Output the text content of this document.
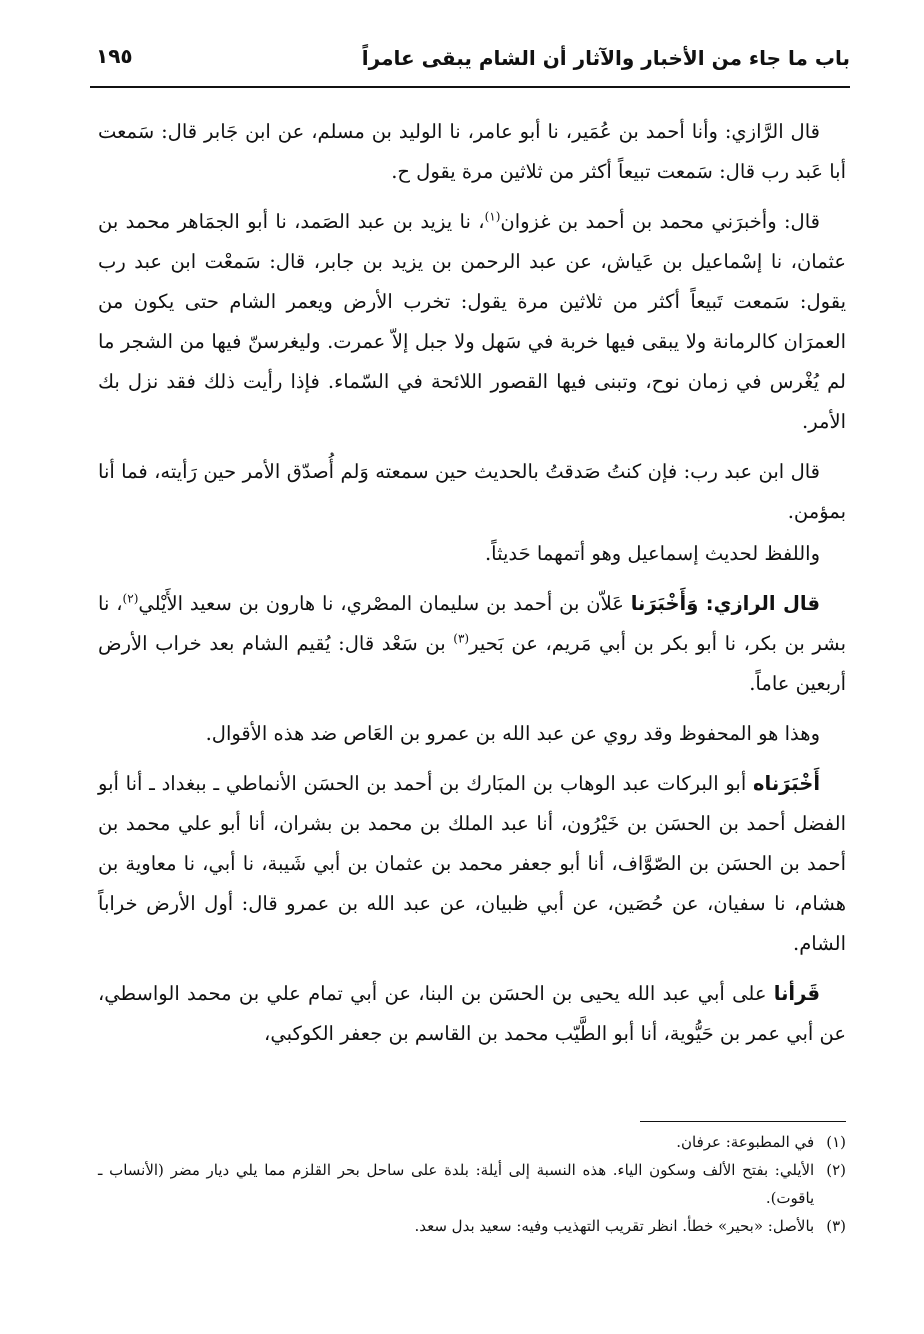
باب ما جاء من الأخبار والآثار أن الشام يبقى عامراً
١٩٥

قال الرَّازي: وأنا أحمد بن عُمَير، نا أبو عامر، نا الوليد بن مسلم، عن ابن جَابر قال: سَمعت أبا عَبد رب قال: سَمعت تبيعاً أكثر من ثلاثين مرة يقول ح.

قال: وأخبرَني محمد بن أحمد بن غزوان$^{(١)}$، نا يزيد بن عبد الصَمد، نا أبو الجمَاهر محمد بن عثمان، نا إسْماعيل بن عَياش، عن عبد الرحمن بن يزيد بن جابر، قال: سَمعْت ابن عبد رب يقول: سَمعت تَبيعاً أكثر من ثلاثين مرة يقول: تخرب الأرض ويعمر الشام حتى يكون من العمرَان كالرمانة ولا يبقى فيها خربة في سَهل ولا جبل إلاّ عمرت. وليغرسنّ فيها من الشجر ما لم يُغْرس في زمان نوح، وتبنى فيها القصور اللائحة في السّماء. فإذا رأيت ذلك فقد نزل بك الأمر.

قال ابن عبد رب: فإن كنتُ صَدقتُ بالحديث حين سمعته وَلم أُصدّق الأمر حين رَأيته، فما أنا بمؤمن.

واللفظ لحديث إسماعيل وهو أتمهما حَديثاً.

قال الرازي: وَأَخْبَرَنا عَلاّن بن أحمد بن سليمان المصْري، نا هارون بن سعيد الأَيْلي$^{(٢)}$، نا بشر بن بكر، نا أبو بكر بن أبي مَريم، عن بَحير$^{(٣)}$ بن سَعْد قال: يُقيم الشام بعد خراب الأرض أربعين عاماً.

وهذا هو المحفوظ وقد روي عن عبد الله بن عمرو بن العَاص ضد هذه الأقوال.

أَخْبَرَناه أبو البركات عبد الوهاب بن المبَارك بن أحمد بن الحسَن الأنماطي ـ ببغداد ـ أنا أبو الفضل أحمد بن الحسَن بن خَيْرُون، أنا عبد الملك بن محمد بن بشران، أنا أبو علي محمد بن أحمد بن الحسَن بن الصّوَّاف، أنا أبو جعفر محمد بن عثمان بن أبي شَيبة، نا أبي، نا معاوية بن هشام، نا سفيان، عن حُصَين، عن أبي ظبيان، عن عبد الله بن عمرو قال: أول الأرض خراباً الشام.

قَرأنا على أبي عبد الله يحيى بن الحسَن بن البنا، عن أبي تمام علي بن محمد الواسطي، عن أبي عمر بن حَيُّوية، أنا أبو الطَّيّب محمد بن القاسم بن جعفر الكوكبي،

(١)
في المطبوعة: عرفان.
(٢)
الأيلي: بفتح الألف وسكون الياء. هذه النسبة إلى أيلة: بلدة على ساحل بحر القلزم مما يلي ديار مضر (الأنساب ـ ياقوت).
(٣)
بالأصل: «بحير» خطأ. انظر تقريب التهذيب وفيه: سعيد بدل سعد.
